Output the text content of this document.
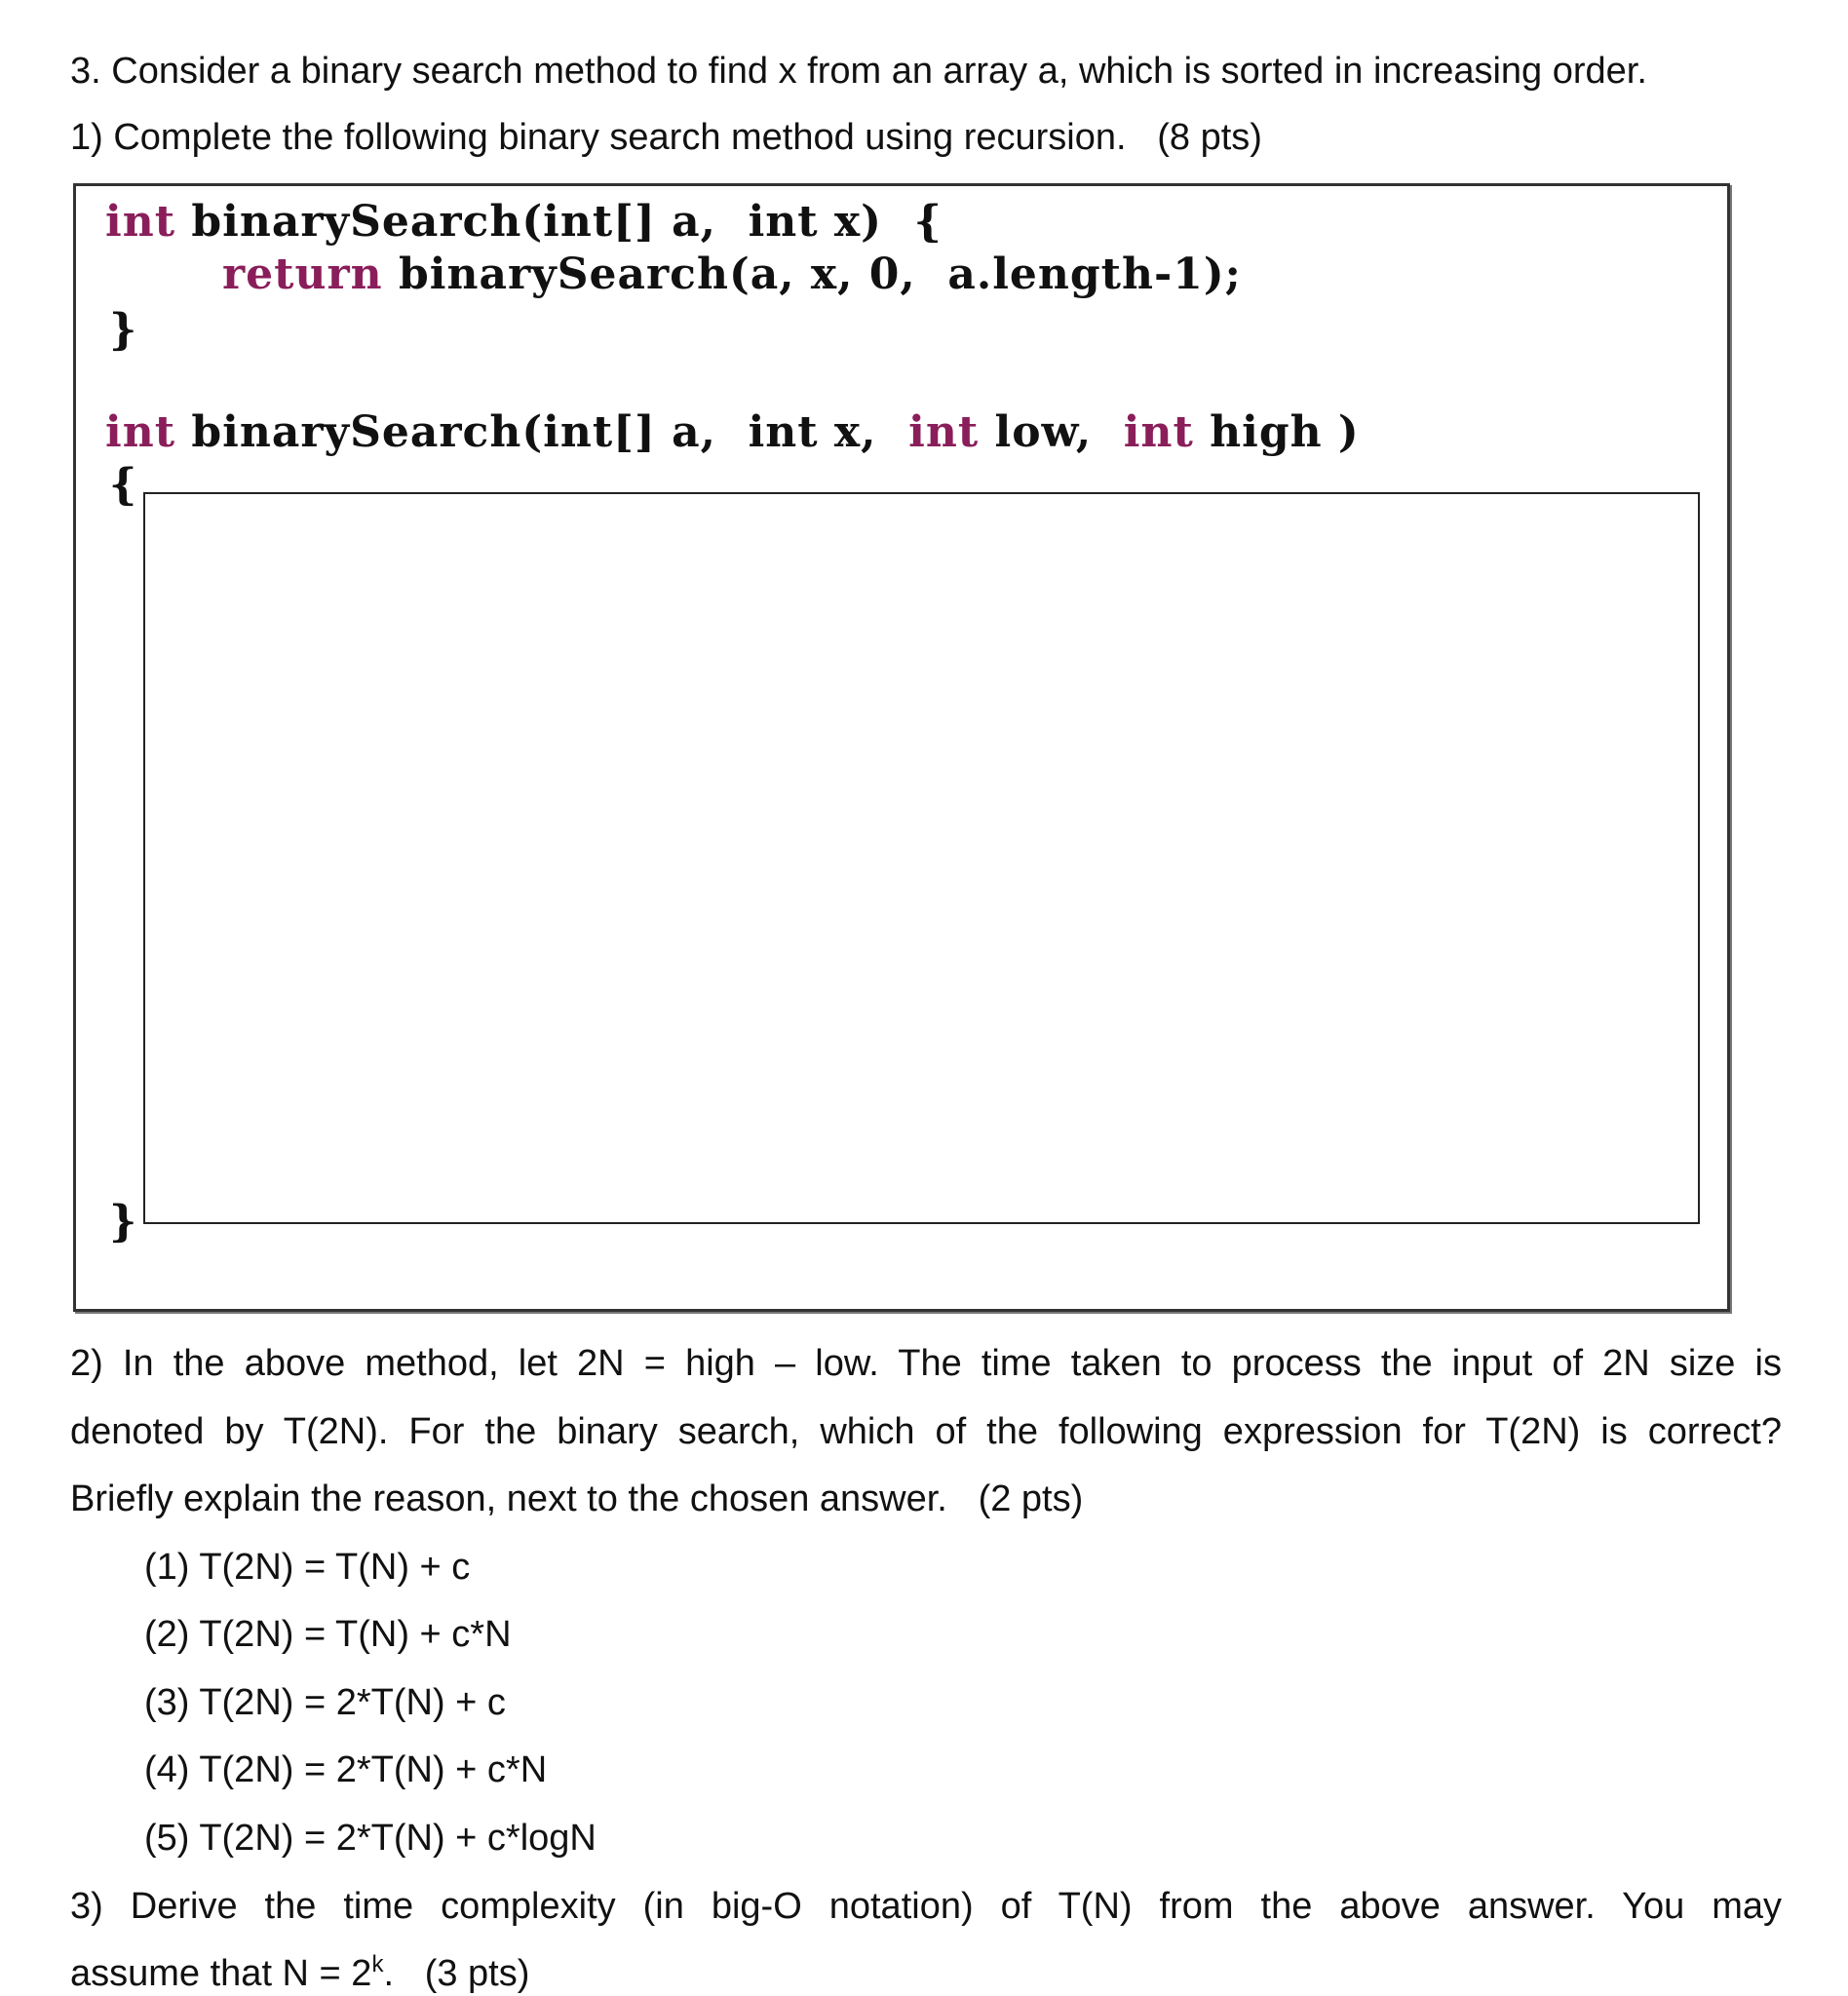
3. Consider a binary search method to find x from an array a, which is sorted in increasing order.
1) Complete the following binary search method using recursion. (8 pts)
int binarySearch(int[] a,  int x)  {
return binarySearch(a, x, 0,  a.length-1);
}
int binarySearch(int[] a,  int x,  int low,  int high )
{
}
2) In the above method, let 2N = high – low. The time taken to process the input of 2N size is
denoted by T(2N). For the binary search, which of the following expression for T(2N) is correct?
Briefly explain the reason, next to the chosen answer. (2 pts)
(1) T(2N) = T(N) + c
(2) T(2N) = T(N) + c*N
(3) T(2N) = 2*T(N) + c
(4) T(2N) = 2*T(N) + c*N
(5) T(2N) = 2*T(N) + c*logN
3) Derive the time complexity (in big-O notation) of T(N) from the above answer. You may
assume that $N = 2^k$. (3 pts)
